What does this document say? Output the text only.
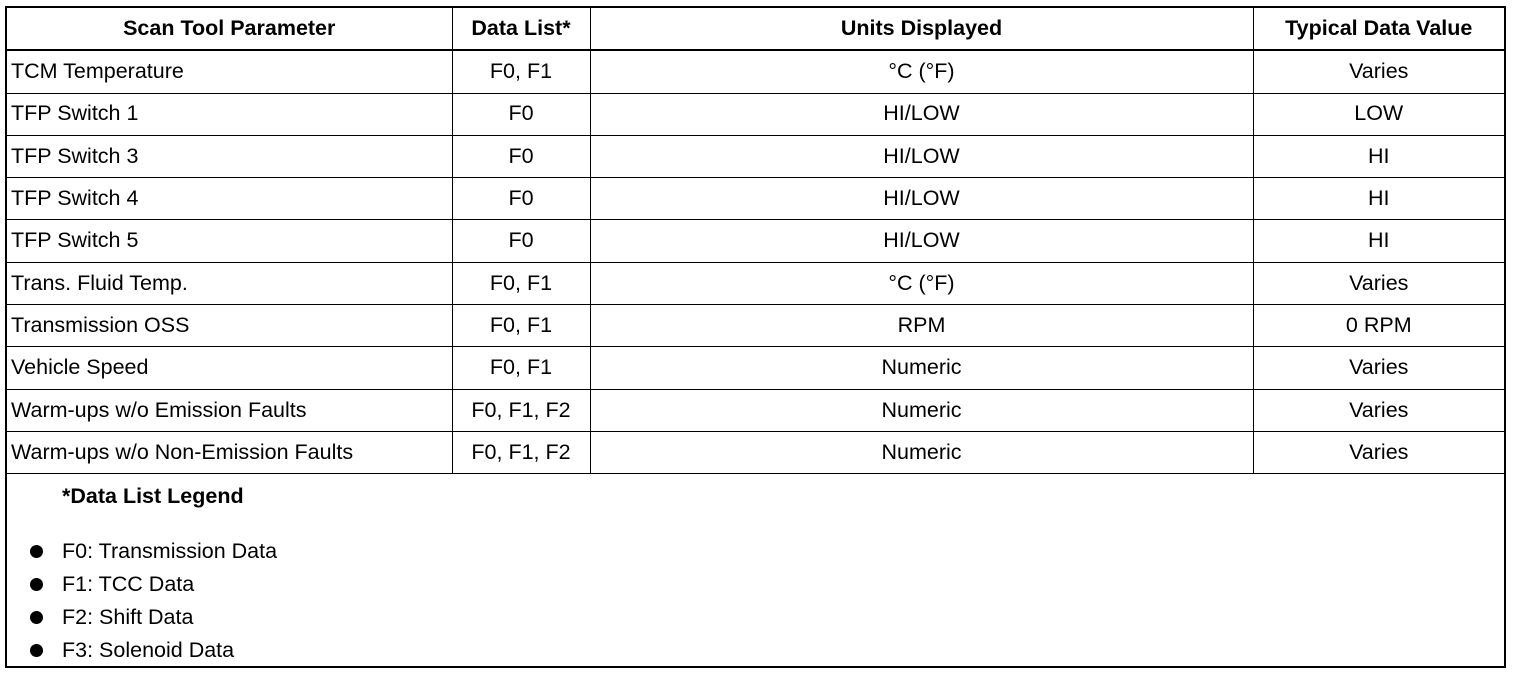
Scan Tool Parameter	Data List*	Units Displayed	Typical Data Value
TCM Temperature	F0, F1	°C (°F)	Varies
TFP Switch 1	F0	HI/LOW	LOW
TFP Switch 3	F0	HI/LOW	HI
TFP Switch 4	F0	HI/LOW	HI
TFP Switch 5	F0	HI/LOW	HI
Trans. Fluid Temp.	F0, F1	°C (°F)	Varies
Transmission OSS	F0, F1	RPM	0 RPM
Vehicle Speed	F0, F1	Numeric	Varies
Warm-ups w/o Emission Faults	F0, F1, F2	Numeric	Varies
Warm-ups w/o Non-Emission Faults	F0, F1, F2	Numeric	Varies
*Data List Legend
F0: Transmission Data
F1: TCC Data
F2: Shift Data
F3: Solenoid Data
